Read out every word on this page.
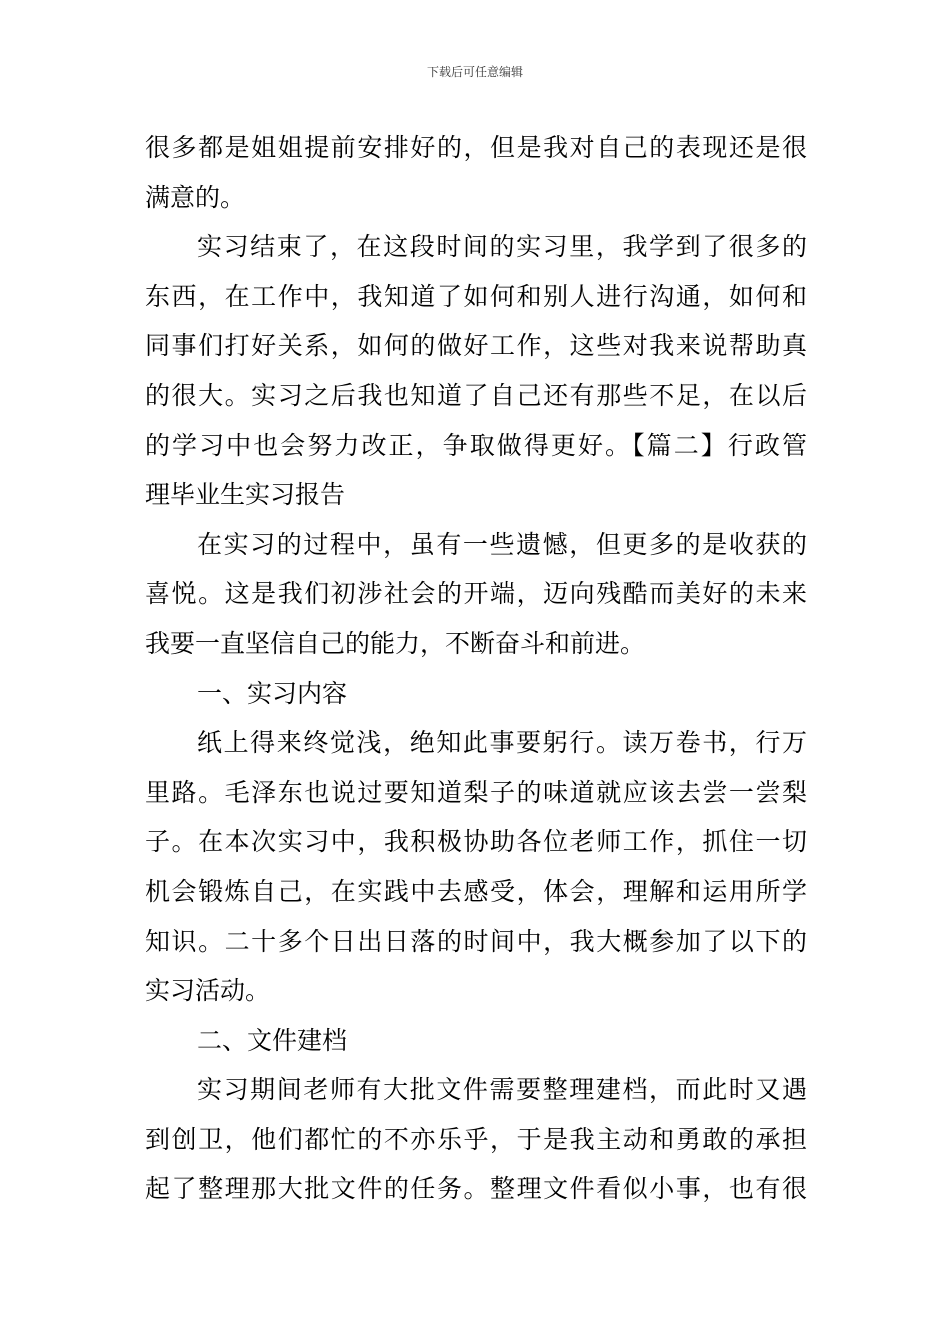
下载后可任意编辑
很多都是姐姐提前安排好的，但是我对自己的表现还是很
满意的。
实习结束了，在这段时间的实习里，我学到了很多的
东西，在工作中，我知道了如何和别人进行沟通，如何和
同事们打好关系，如何的做好工作，这些对我来说帮助真
的很大。实习之后我也知道了自己还有那些不足，在以后
的学习中也会努力改正，争取做得更好。【篇二】行政管
理毕业生实习报告
在实习的过程中，虽有一些遗憾，但更多的是收获的
喜悦。这是我们初涉社会的开端，迈向残酷而美好的未来
我要一直坚信自己的能力，不断奋斗和前进。
一、实习内容
纸上得来终觉浅，绝知此事要躬行。读万卷书，行万
里路。毛泽东也说过要知道梨子的味道就应该去尝一尝梨
子。在本次实习中，我积极协助各位老师工作，抓住一切
机会锻炼自己，在实践中去感受，体会，理解和运用所学
知识。二十多个日出日落的时间中，我大概参加了以下的
实习活动。
二、文件建档
实习期间老师有大批文件需要整理建档，而此时又遇
到创卫，他们都忙的不亦乐乎，于是我主动和勇敢的承担
起了整理那大批文件的任务。整理文件看似小事，也有很
